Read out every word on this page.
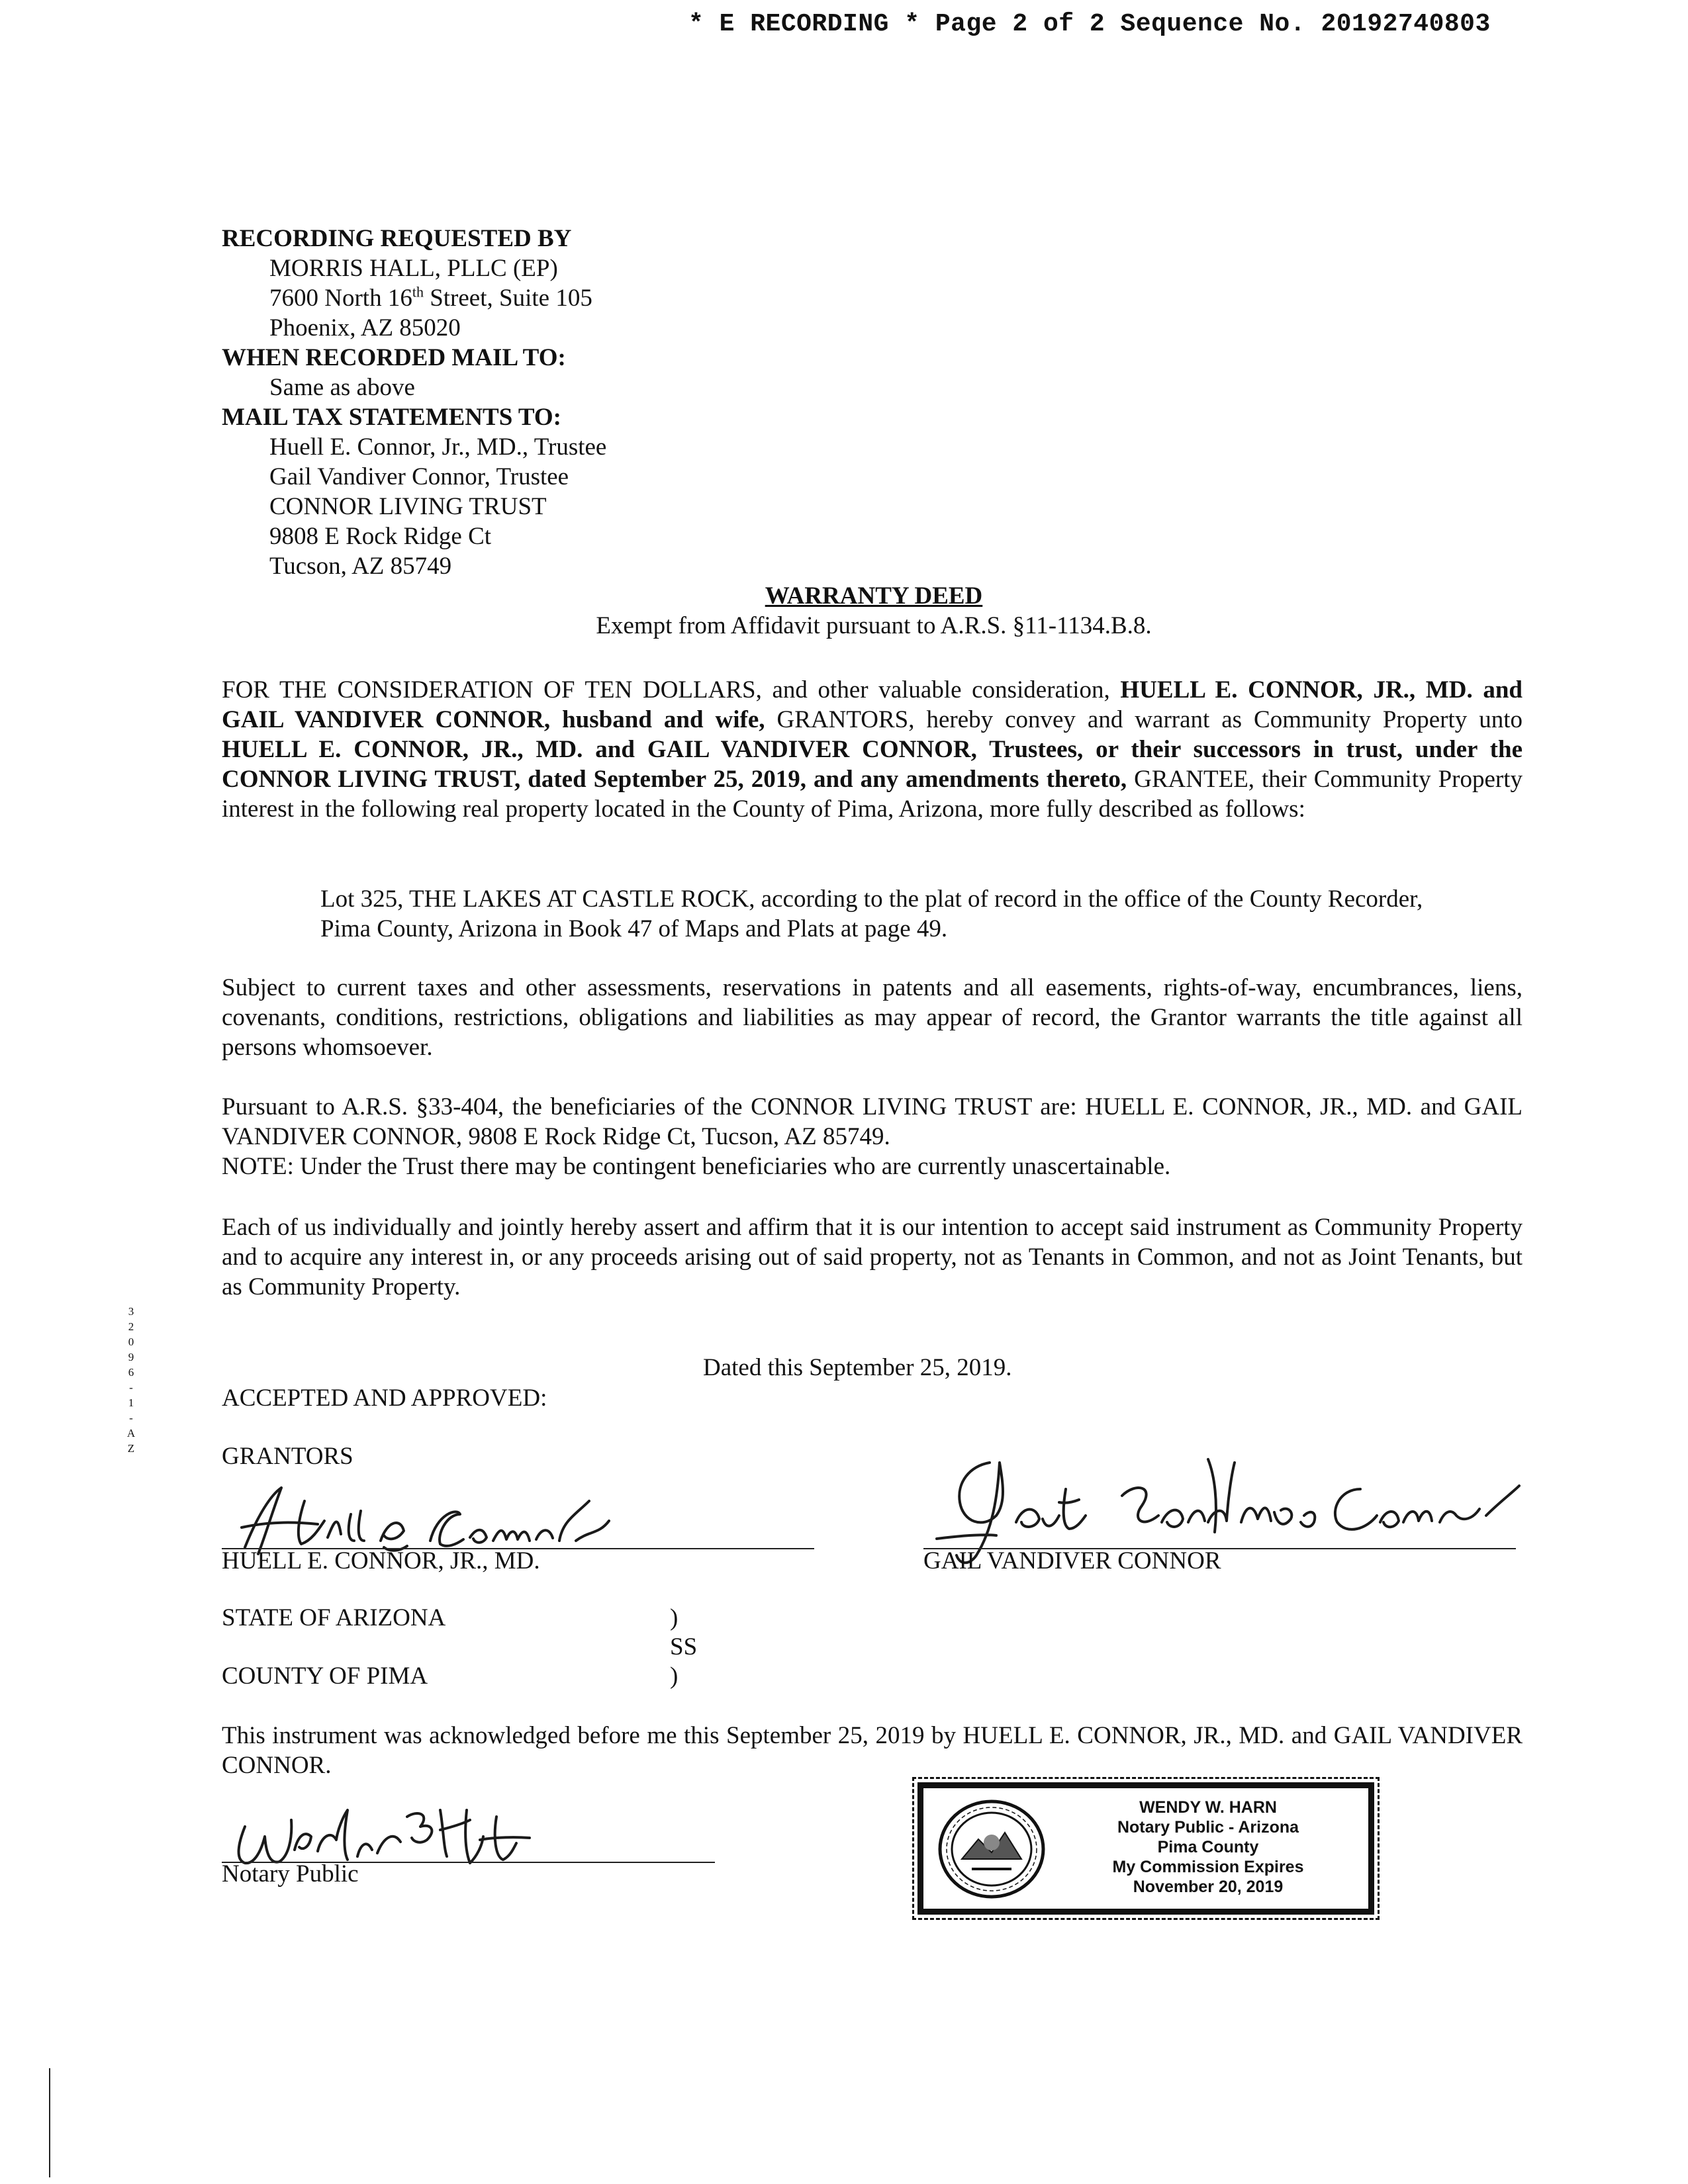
* E RECORDING * Page 2 of 2 Sequence No. 20192740803
RECORDING REQUESTED BY
MORRIS HALL, PLLC (EP)
7600 North 16th Street, Suite 105
Phoenix, AZ 85020
WHEN RECORDED MAIL TO:
Same as above
MAIL TAX STATEMENTS TO:
Huell E. Connor, Jr., MD., Trustee
Gail Vandiver Connor, Trustee
CONNOR LIVING TRUST
9808 E Rock Ridge Ct
Tucson, AZ 85749
WARRANTY DEED
Exempt from Affidavit pursuant to A.R.S. §11-1134.B.8.
FOR THE CONSIDERATION OF TEN DOLLARS, and other valuable consideration, HUELL E. CONNOR, JR., MD. and GAIL VANDIVER CONNOR, husband and wife, GRANTORS, hereby convey and warrant as Community Property unto HUELL E. CONNOR, JR., MD. and GAIL VANDIVER CONNOR, Trustees, or their successors in trust, under the CONNOR LIVING TRUST, dated September 25, 2019, and any amendments thereto, GRANTEE, their Community Property interest in the following real property located in the County of Pima, Arizona, more fully described as follows:
Lot 325, THE LAKES AT CASTLE ROCK, according to the plat of record in the office of the County Recorder, Pima County, Arizona in Book 47 of Maps and Plats at page 49.
Subject to current taxes and other assessments, reservations in patents and all easements, rights-of-way, encumbrances, liens, covenants, conditions, restrictions, obligations and liabilities as may appear of record, the Grantor warrants the title against all persons whomsoever.
Pursuant to A.R.S. §33-404, the beneficiaries of the CONNOR LIVING TRUST are: HUELL E. CONNOR, JR., MD. and GAIL VANDIVER CONNOR, 9808 E Rock Ridge Ct, Tucson, AZ 85749.
NOTE: Under the Trust there may be contingent beneficiaries who are currently unascertainable.
Each of us individually and jointly hereby assert and affirm that it is our intention to accept said instrument as Community Property and to acquire any interest in, or any proceeds arising out of said property, not as Tenants in Common, and not as Joint Tenants, but as Community Property.
3
2
0
9
6
-
1
-
A
Z
Dated this September 25, 2019.
ACCEPTED AND APPROVED:
GRANTORS
HUELL E. CONNOR, JR., MD.	GAIL VANDIVER CONNOR
STATE OF ARIZONA	)
SS
COUNTY OF PIMA	)
This instrument was acknowledged before me this September 25, 2019 by HUELL E. CONNOR, JR., MD. and GAIL VANDIVER CONNOR.
Notary Public
WENDY W. HARN
Notary Public - Arizona
Pima County
My Commission Expires
November 20, 2019
